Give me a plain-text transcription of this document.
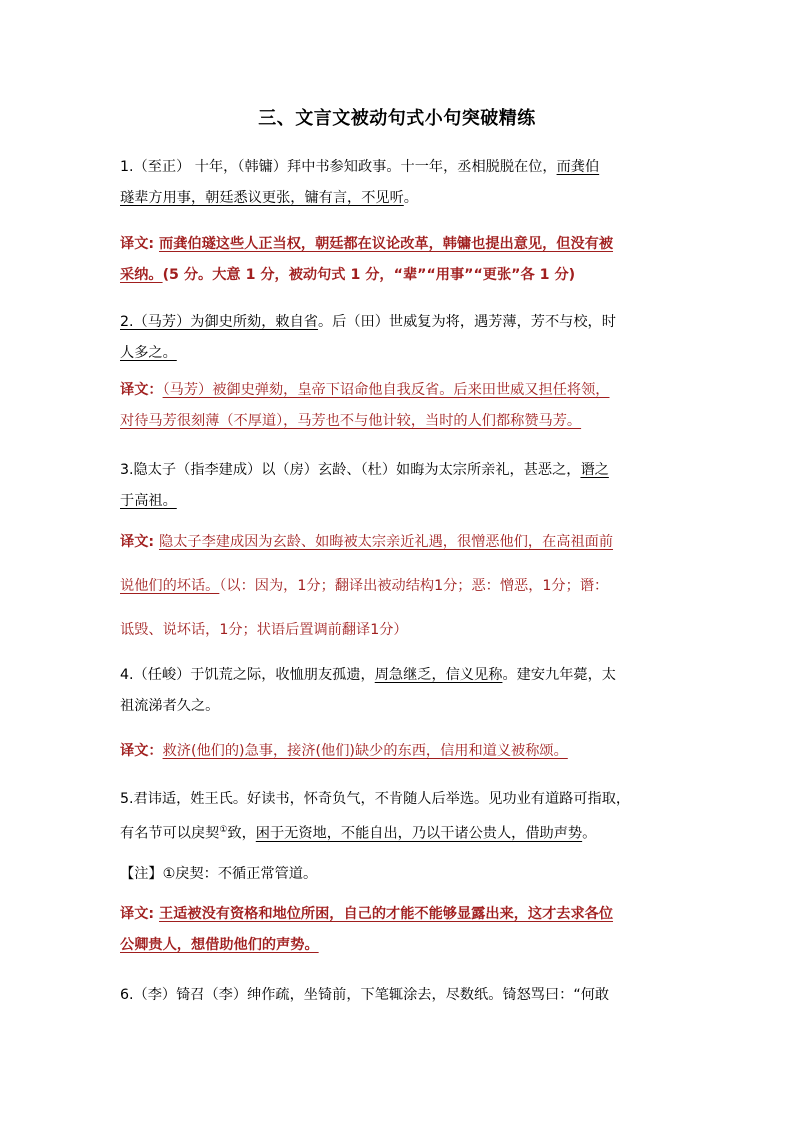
三、文言文被动句式小句突破精练
1.（至正） 十年，（韩镛）拜中书参知政事。十一年，丞相脱脱在位，而龚伯
璲辈方用事，朝廷悉议更张，镛有言，不见听。
译文: 而龚伯璲这些人正当权，朝廷都在议论改革，韩镛也提出意见，但没有被
采纳。(5 分。大意 1 分，被动句式 1 分，“辈”“用事”“更张”各 1 分)
2.（马芳）为御史所劾，敕自省。后（田）世威复为将，遇芳薄，芳不与校，时
人多之。
译文：（马芳）被御史弹劾，皇帝下诏命他自我反省。后来田世威又担任将领，
对待马芳很刻薄（不厚道），马芳也不与他计较，当时的人们都称赞马芳。
3.隐太子（指李建成）以（房）玄龄、（杜）如晦为太宗所亲礼，甚恶之，谮之
于高祖。
译文: 隐太子李建成因为玄龄、如晦被太宗亲近礼遇，很憎恶他们，在高祖面前
说他们的坏话。（以：因为，1分；翻译出被动结构1分；恶：憎恶，1分；谮：
诋毁、说坏话，1分；状语后置调前翻译1分）
4.（任峻）于饥荒之际，收恤朋友孤遗，周急继乏，信义见称。建安九年薨，太
祖流涕者久之。
译文：救济(他们的)急事，接济(他们)缺少的东西，信用和道义被称颂。
5.君讳适，姓王氏。好读书，怀奇负气，不肯随人后举选。见功业有道路可指取，
有名节可以戾契①致，困于无资地，不能自出，乃以干诸公贵人，借助声势。
【注】①戾契：不循正常管道。
译文: 王适被没有资格和地位所困，自己的才能不能够显露出来，这才去求各位
公卿贵人，想借助他们的声势。
6.（李）锜召（李）绅作疏，坐锜前，下笔辄涂去，尽数纸。锜怒骂曰：“何敢
